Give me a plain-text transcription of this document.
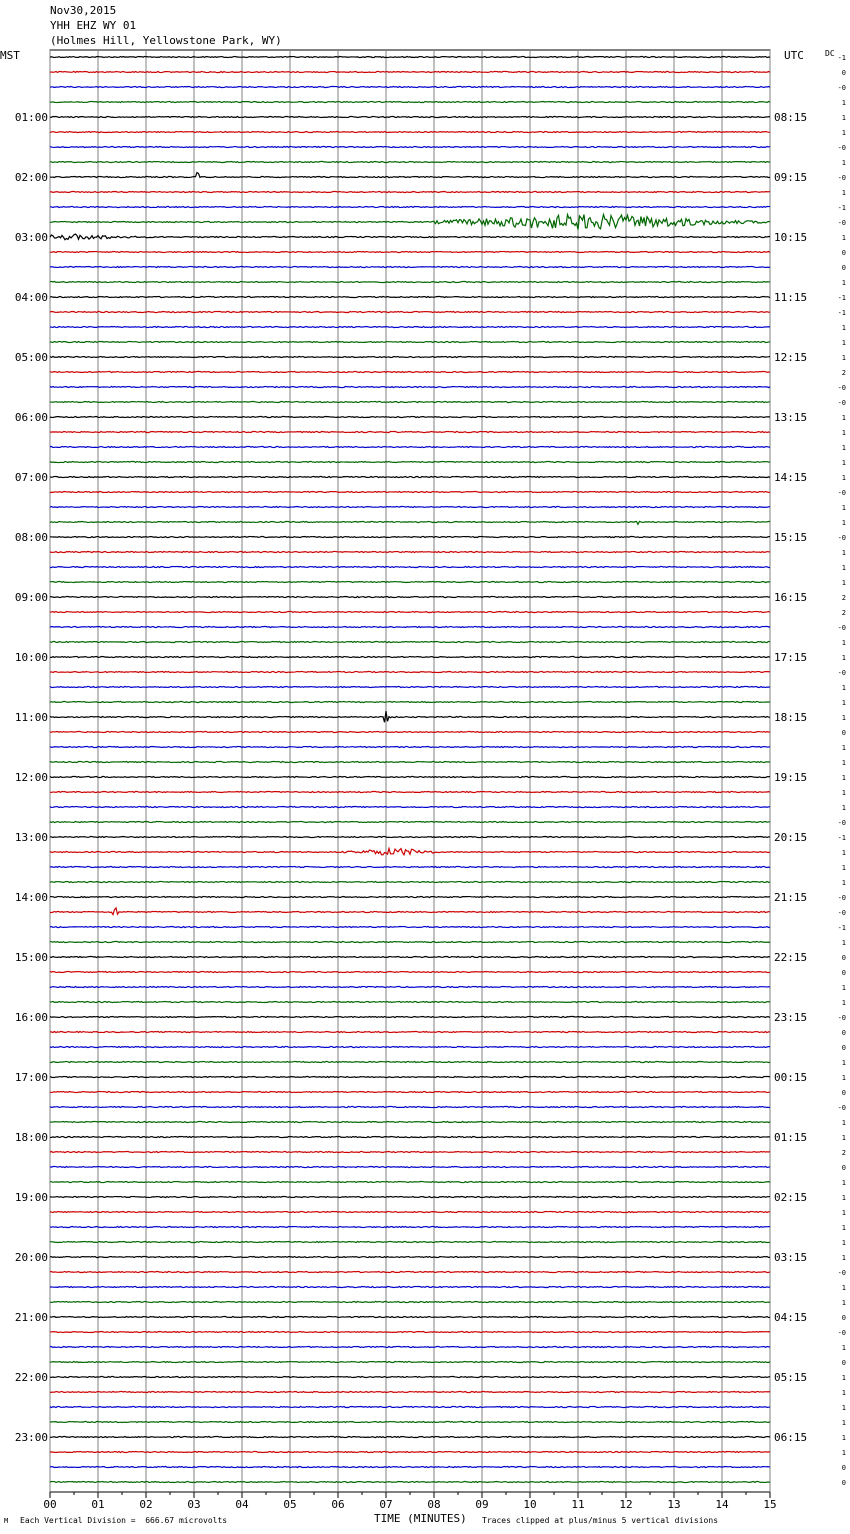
00	01	02	03	04	05	06	07	08	09	10	11	12	13	14	15
-1
0
-0
1
1
1
-0
1
-0
1
-1
-0
1
0
0
1
-1
-1
1
1
1
2
-0
-0
1
1
1
1
1
-0
1
1
-0
1
1
1
2
2
-0
1
1
-0
1
1
1
0
1
1
1
1
1
-0
-1
1
1
1
-0
-0
-1
1
0
0
1
1
-0
0
0
1
1
0
-0
1
1
2
0
1
1
1
1
1
1
-0
1
1
0
-0
1
0
1
1
1
1
1
1
0
0
01:00
02:00
03:00
04:00
05:00
06:00
07:00
08:00
09:00
10:00
11:00
12:00
13:00
14:00
15:00
16:00
17:00
18:00
19:00
20:00
21:00
22:00
23:00
08:15
09:15
10:15
11:15
12:15
13:15
14:15
15:15
16:15
17:15
18:15
19:15
20:15
21:15
22:15
23:15
00:15
01:15
02:15
03:15
04:15
05:15
06:15
Nov30,2015
YHH EHZ WY 01
(Holmes Hill, Yellowstone Park, WY)
MST	UTC	DC
M Each Vertical Division =  666.67 microvolts	TIME (MINUTES) Traces clipped at plus/minus 5 vertical divisions
